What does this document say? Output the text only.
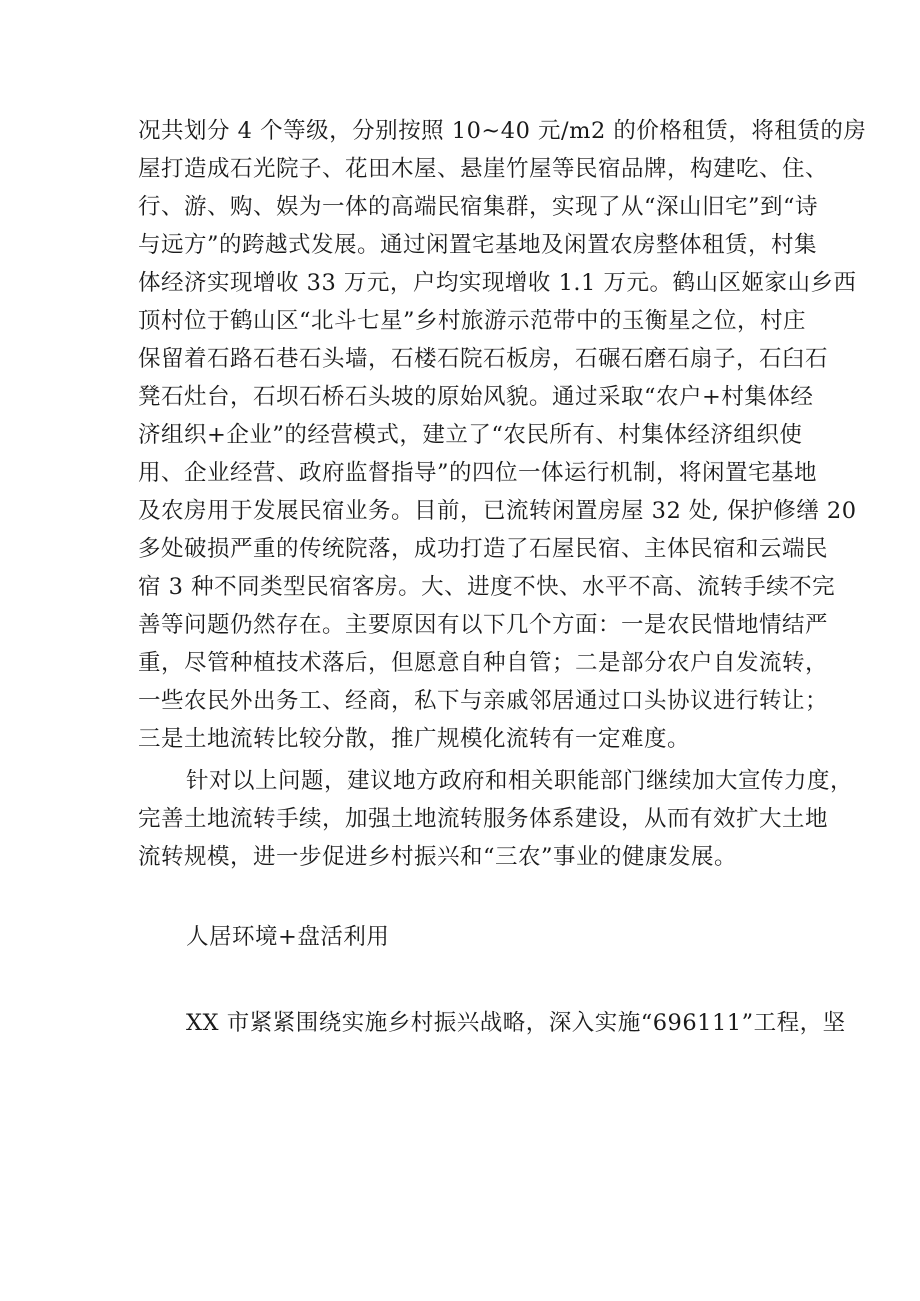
况共划分 4 个等级，分别按照 10~40 元/m2 的价格租赁，将租赁的房
屋打造成石光院子、花田木屋、悬崖竹屋等民宿品牌，构建吃、住、
行、游、购、娱为一体的高端民宿集群，实现了从“深山旧宅”到“诗
与远方”的跨越式发展。通过闲置宅基地及闲置农房整体租赁，村集
体经济实现增收 33 万元，户均实现增收 1.1 万元。鹤山区姬家山乡西
顶村位于鹤山区“北斗七星”乡村旅游示范带中的玉衡星之位，村庄
保留着石路石巷石头墙，石楼石院石板房，石碾石磨石扇子，石臼石
凳石灶台，石坝石桥石头坡的原始风貌。通过采取“农户+村集体经
济组织+企业”的经营模式，建立了“农民所有、村集体经济组织使
用、企业经营、政府监督指导”的四位一体运行机制，将闲置宅基地
及农房用于发展民宿业务。目前，已流转闲置房屋 32 处, 保护修缮 20
多处破损严重的传统院落，成功打造了石屋民宿、主体民宿和云端民
宿 3 种不同类型民宿客房。大、进度不快、水平不高、流转手续不完
善等问题仍然存在。主要原因有以下几个方面：一是农民惜地情结严
重，尽管种植技术落后，但愿意自种自管；二是部分农户自发流转，
一些农民外出务工、经商，私下与亲戚邻居通过口头协议进行转让；
三是土地流转比较分散，推广规模化流转有一定难度。
针对以上问题，建议地方政府和相关职能部门继续加大宣传力度，
完善土地流转手续，加强土地流转服务体系建设，从而有效扩大土地
流转规模，进一步促进乡村振兴和“三农”事业的健康发展。
人居环境+盘活利用
XX 市紧紧围绕实施乡村振兴战略，深入实施“696111”工程，坚
